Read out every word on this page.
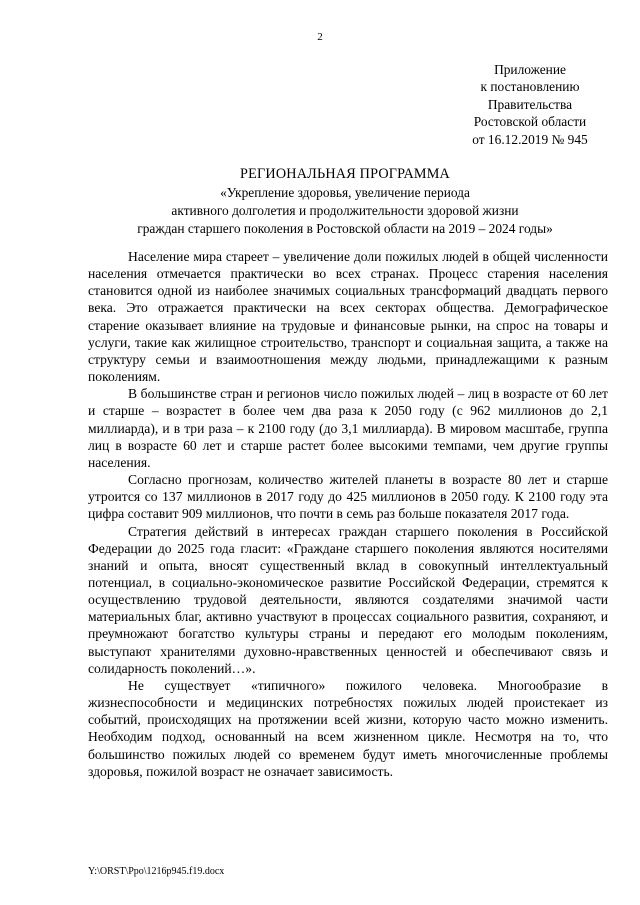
2
Приложение
к постановлению
Правительства
Ростовской области
от 16.12.2019 № 945
РЕГИОНАЛЬНАЯ ПРОГРАММА
«Укрепление здоровья, увеличение периода
активного долголетия и продолжительности здоровой жизни
граждан старшего поколения в Ростовской области на 2019 – 2024 годы»

Население мира стареет – увеличение доли пожилых людей в общей численности населения отмечается практически во всех странах. Процесс старения населения становится одной из наиболее значимых социальных трансформаций двадцать первого века. Это отражается практически на всех секторах общества. Демографическое старение оказывает влияние на трудовые и финансовые рынки, на спрос на товары и услуги, такие как жилищное строительство, транспорт и социальная защита, а также на структуру семьи и взаимоотношения между людьми, принадлежащими к разным поколениям.

В большинстве стран и регионов число пожилых людей – лиц в возрасте от 60 лет и старше – возрастет в более чем два раза к 2050 году (с 962 миллионов до 2,1 миллиарда), и в три раза – к 2100 году (до 3,1 миллиарда). В мировом масштабе, группа лиц в возрасте 60 лет и старше растет более высокими темпами, чем другие группы населения.

Согласно прогнозам, количество жителей планеты в возрасте 80 лет и старше утроится со 137 миллионов в 2017 году до 425 миллионов в 2050 году. К 2100 году эта цифра составит 909 миллионов, что почти в семь раз больше показателя 2017 года.

Стратегия действий в интересах граждан старшего поколения в Российской Федерации до 2025 года гласит: «Граждане старшего поколения являются носителями знаний и опыта, вносят существенный вклад в совокупный интеллектуальный потенциал, в социально-экономическое развитие Российской Федерации, стремятся к осуществлению трудовой деятельности, являются создателями значимой части материальных благ, активно участвуют в процессах социального развития, сохраняют, и преумножают богатство культуры страны и передают его молодым поколениям, выступают хранителями духовно-нравственных ценностей и обеспечивают связь и солидарность поколений…».

Не существует «типичного» пожилого человека. Многообразие в жизнеспособности и медицинских потребностях пожилых людей проистекает из событий, происходящих на протяжении всей жизни, которую часто можно изменить. Необходим подход, основанный на всем жизненном цикле. Несмотря на то, что большинство пожилых людей со временем будут иметь многочисленные проблемы здоровья, пожилой возраст не означает зависимость.

Y:\ORST\Ppo\1216p945.f19.docx
